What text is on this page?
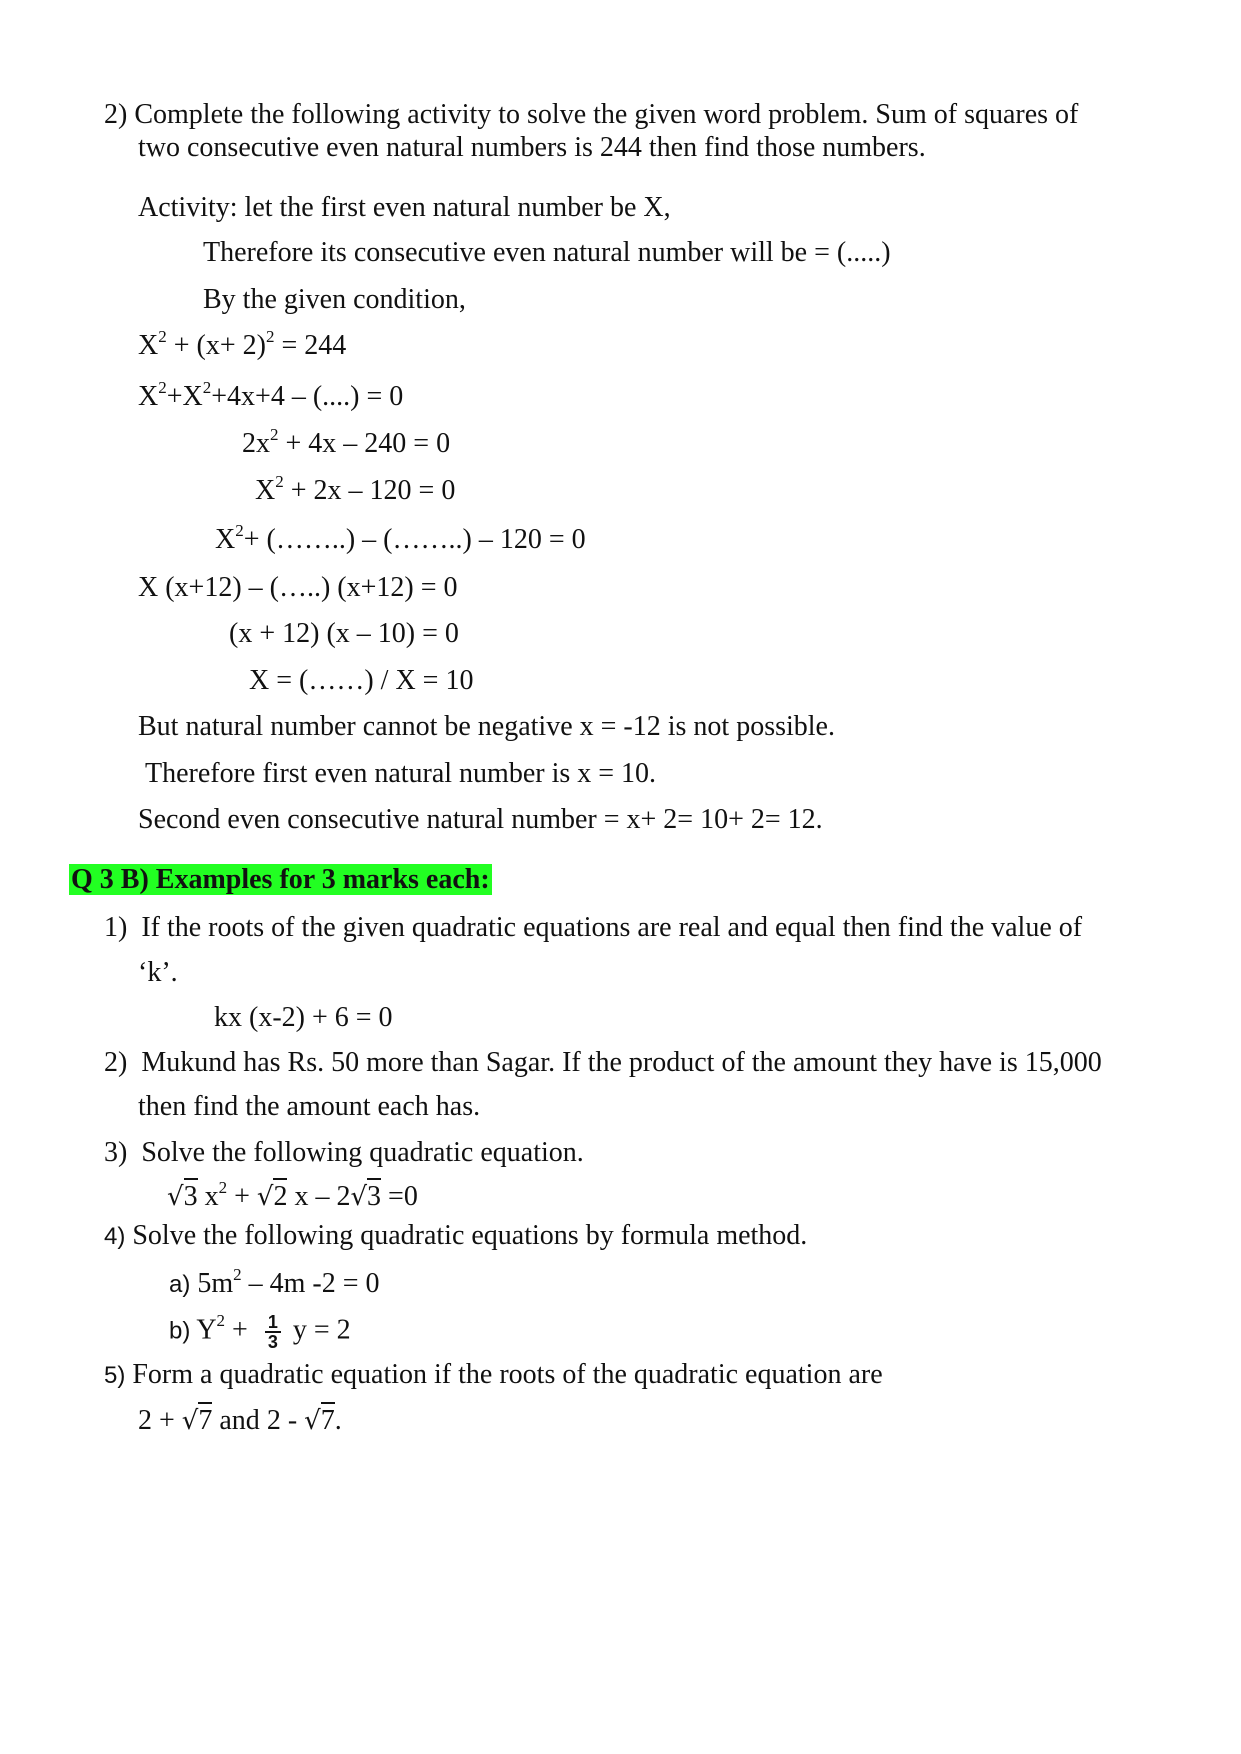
2) Complete the following activity to solve the given word problem. Sum of squares of
two consecutive even natural numbers is 244 then find those numbers.
Activity: let the first even natural number be X,
Therefore its consecutive even natural number will be = (.....)
By the given condition,
$X^2 + (x+ 2)^2 = 244$
$X^2+X^2+4x+4$ – (....) = 0
$2x^2 + 4x - 240 = 0$
$X^2 + 2x - 120 = 0$
$X^2+$ (……..) – (……..) – 120 = 0
X (x+12) – (…..) (x+12) = 0
(x + 12) (x – 10) = 0
X = (……) / X = 10
But natural number cannot be negative x = -12 is not possible.
Therefore first even natural number is x = 10.
Second even consecutive natural number = x+ 2= 10+ 2= 12.
Q 3 B) Examples for 3 marks each:
1) If the roots of the given quadratic equations are real and equal then find the value of
‘k’.
kx (x-2) + 6 = 0
2) Mukund has Rs. 50 more than Sagar. If the product of the amount they have is 15,000
then find the amount each has.
3) Solve the following quadratic equation.
√3 $x^2 + √2$ x – 2√3 =0
4) Solve the following quadratic equations by formula method.
a) $5m^2 - 4m$ -2 = 0
b) $Y^2 + \frac{1}{3}$ y = 2
5) Form a quadratic equation if the roots of the quadratic equation are
2 + √7 and 2 - √7.
